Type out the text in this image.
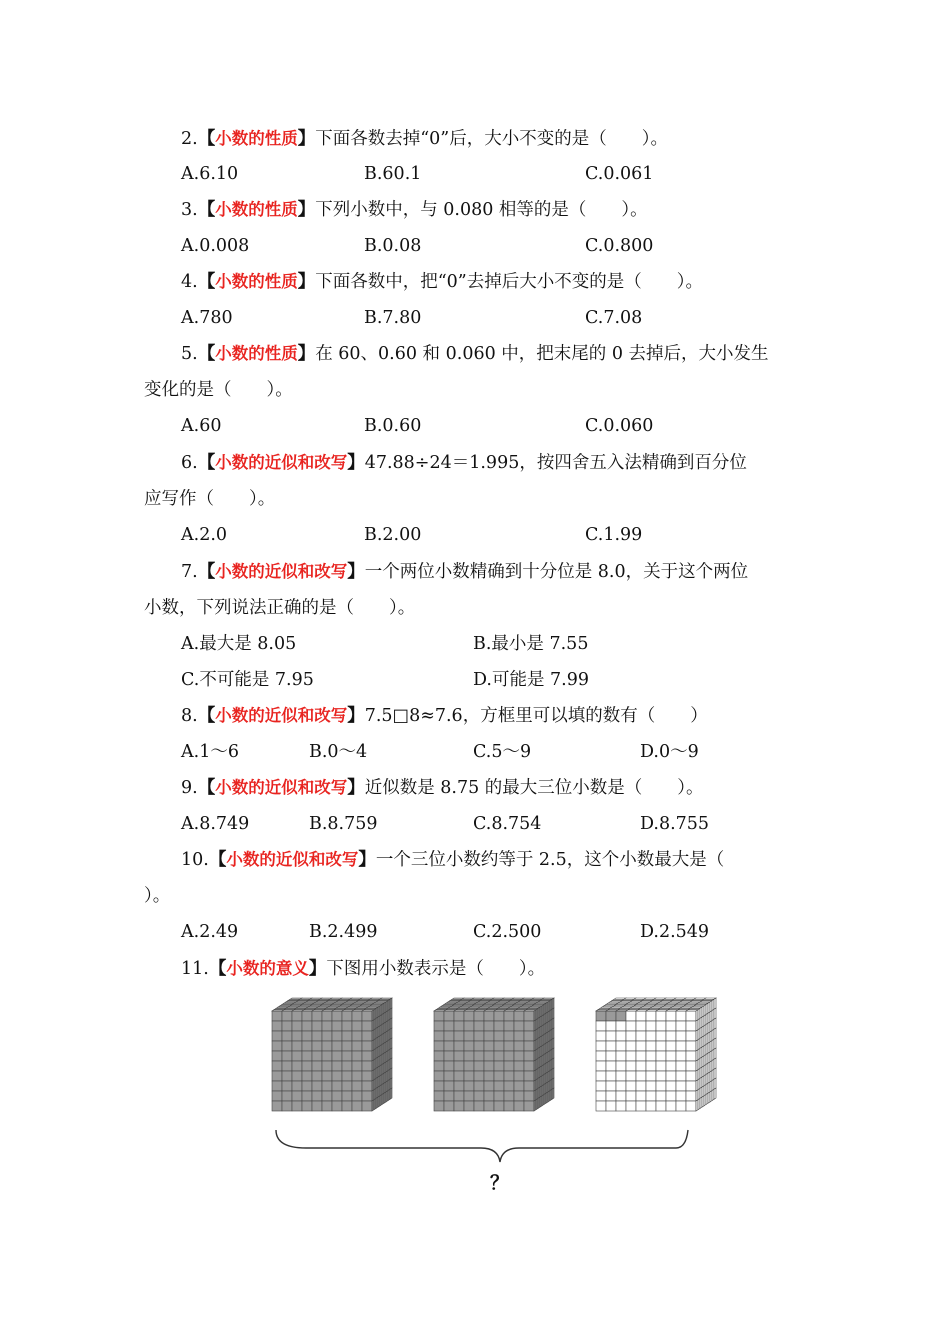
2.【小数的性质】下面各数去掉“0”后，大小不变的是（　　）。
A.6.10	B.60.1	C.0.061
3.【小数的性质】下列小数中，与 0.080 相等的是（　　）。
A.0.008	B.0.08	C.0.800
4.【小数的性质】下面各数中，把“0”去掉后大小不变的是（　　）。
A.780	B.7.80	C.7.08
5.【小数的性质】在 60、0.60 和 0.060 中，把末尾的 0 去掉后，大小发生
变化的是（　　）。
A.60	B.0.60	C.0.060
6.【小数的近似和改写】47.88÷24＝1.995，按四舍五入法精确到百分位
应写作（　　）。
A.2.0	B.2.00	C.1.99
7.【小数的近似和改写】一个两位小数精确到十分位是 8.0，关于这个两位
小数，下列说法正确的是（　　）。
A.最大是 8.05	B.最小是 7.55
C.不可能是 7.95	D.可能是 7.99
8.【小数的近似和改写】7.5□8≈7.6，方框里可以填的数有（　　）
A.1～6	B.0～4	C.5～9	D.0～9
9.【小数的近似和改写】近似数是 8.75 的最大三位小数是（　　）。
A.8.749	B.8.759	C.8.754	D.8.755
10.【小数的近似和改写】一个三位小数约等于 2.5，这个小数最大是（
）。
A.2.49	B.2.499	C.2.500	D.2.549
11.【小数的意义】下图用小数表示是（　　）。
？
